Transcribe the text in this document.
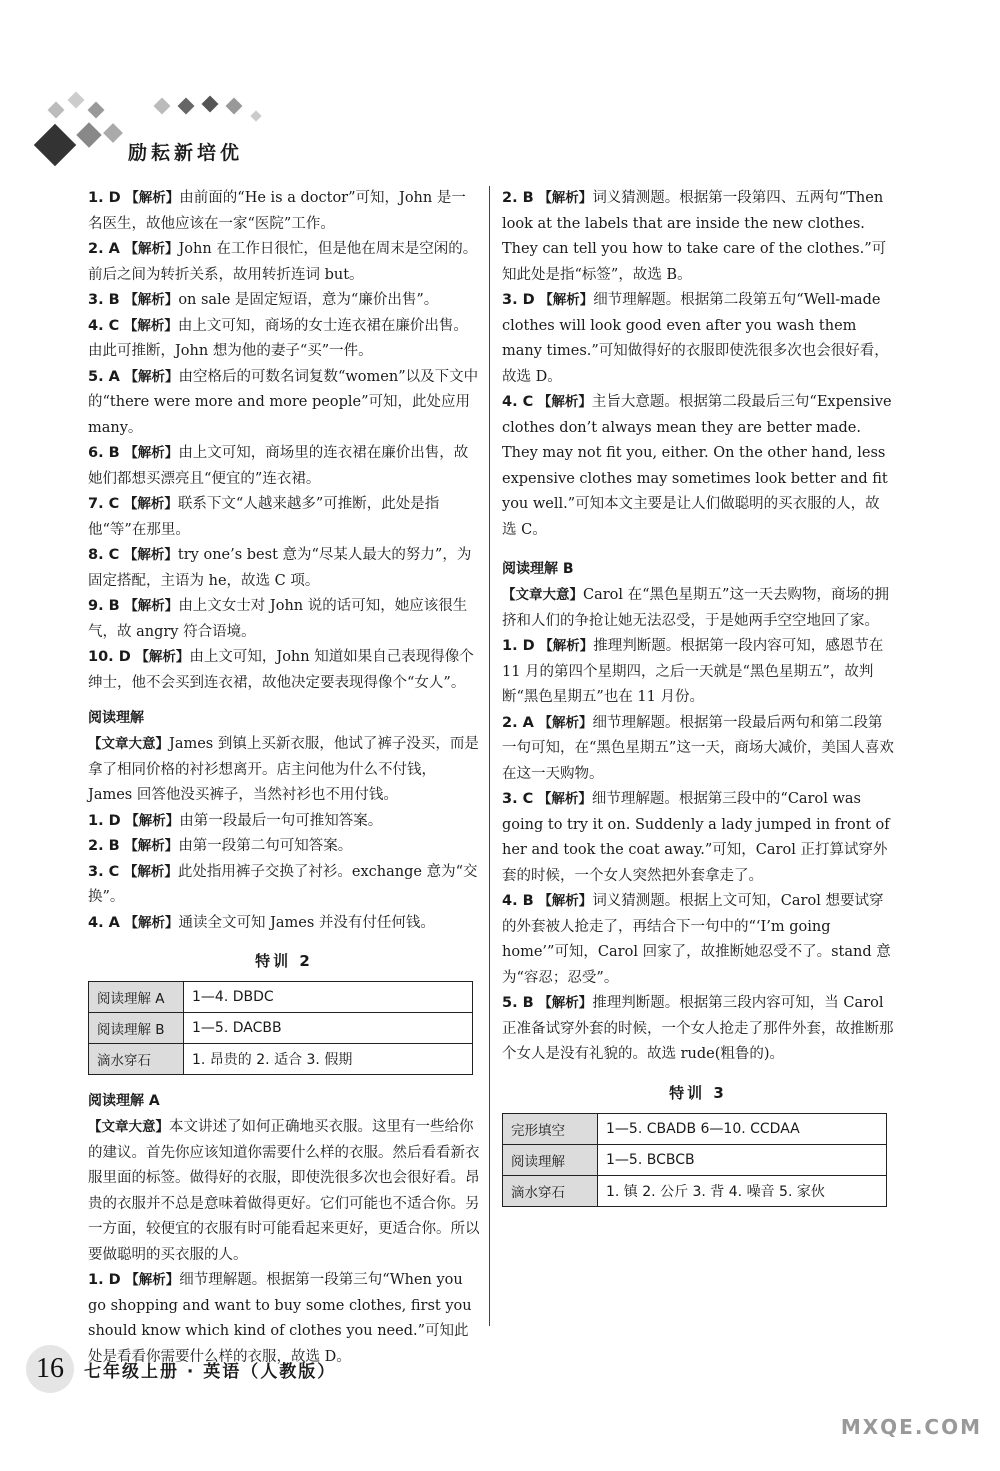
励耘新培优
1. D 【解析】由前面的“He is a doctor”可知，John 是一名医生，故他应该在一家“医院”工作。
2. A 【解析】John 在工作日很忙，但是他在周末是空闲的。前后之间为转折关系，故用转折连词 but。
3. B 【解析】on sale 是固定短语，意为“廉价出售”。
4. C 【解析】由上文可知，商场的女士连衣裙在廉价出售。由此可推断，John 想为他的妻子“买”一件。
5. A 【解析】由空格后的可数名词复数“women”以及下文中的“there were more and more people”可知，此处应用 many。
6. B 【解析】由上文可知，商场里的连衣裙在廉价出售，故她们都想买漂亮且“便宜的”连衣裙。
7. C 【解析】联系下文“人越来越多”可推断，此处是指他“等”在那里。
8. C 【解析】try one’s best 意为“尽某人最大的努力”，为固定搭配，主语为 he，故选 C 项。
9. B 【解析】由上文女士对 John 说的话可知，她应该很生气，故 angry 符合语境。
10. D 【解析】由上文可知，John 知道如果自己表现得像个绅士，他不会买到连衣裙，故他决定要表现得像个“女人”。
阅读理解
【文章大意】James 到镇上买新衣服，他试了裤子没买，而是拿了相同价格的衬衫想离开。店主问他为什么不付钱，James 回答他没买裤子，当然衬衫也不用付钱。
1. D 【解析】由第一段最后一句可推知答案。
2. B 【解析】由第一段第二句可知答案。
3. C 【解析】此处指用裤子交换了衬衫。exchange 意为“交换”。
4. A 【解析】通读全文可知 James 并没有付任何钱。
特训 2
阅读理解 A	1—4. DBDC
阅读理解 B	1—5. DACBB
滴水穿石	1. 昂贵的 2. 适合 3. 假期
阅读理解 A
【文章大意】本文讲述了如何正确地买衣服。这里有一些给你的建议。首先你应该知道你需要什么样的衣服。然后看看新衣服里面的标签。做得好的衣服，即使洗很多次也会很好看。昂贵的衣服并不总是意味着做得更好。它们可能也不适合你。另一方面，较便宜的衣服有时可能看起来更好，更适合你。所以要做聪明的买衣服的人。
1. D 【解析】细节理解题。根据第一段第三句“When you go shopping and want to buy some clothes, first you should know which kind of clothes you need.”可知此处是看看你需要什么样的衣服，故选 D。
2. B 【解析】词义猜测题。根据第一段第四、五两句“Then look at the labels that are inside the new clothes. They can tell you how to take care of the clothes.”可知此处是指“标签”，故选 B。
3. D 【解析】细节理解题。根据第二段第五句“Well-made clothes will look good even after you wash them many times.”可知做得好的衣服即使洗很多次也会很好看，故选 D。
4. C 【解析】主旨大意题。根据第二段最后三句“Expensive clothes don’t always mean they are better made. They may not fit you, either. On the other hand, less expensive clothes may sometimes look better and fit you well.”可知本文主要是让人们做聪明的买衣服的人，故选 C。
阅读理解 B
【文章大意】Carol 在“黑色星期五”这一天去购物，商场的拥挤和人们的争抢让她无法忍受，于是她两手空空地回了家。
1. D 【解析】推理判断题。根据第一段内容可知，感恩节在 11 月的第四个星期四，之后一天就是“黑色星期五”，故判断“黑色星期五”也在 11 月份。
2. A 【解析】细节理解题。根据第一段最后两句和第二段第一句可知，在“黑色星期五”这一天，商场大减价，美国人喜欢在这一天购物。
3. C 【解析】细节理解题。根据第三段中的“Carol was going to try it on. Suddenly a lady jumped in front of her and took the coat away.”可知，Carol 正打算试穿外套的时候，一个女人突然把外套拿走了。
4. B 【解析】词义猜测题。根据上文可知，Carol 想要试穿的外套被人抢走了，再结合下一句中的“‘I’m going home’”可知，Carol 回家了，故推断她忍受不了。stand 意为“容忍；忍受”。
5. B 【解析】推理判断题。根据第三段内容可知，当 Carol 正准备试穿外套的时候，一个女人抢走了那件外套，故推断那个女人是没有礼貌的。故选 rude(粗鲁的)。
特训 3
完形填空	1—5. CBADB 6—10. CCDAA
阅读理解	1—5. BCBCB
滴水穿石	1. 镇 2. 公斤 3. 背 4. 噪音 5. 家伙
16	七年级上册 · 英语（人教版）
MXQE.COM
